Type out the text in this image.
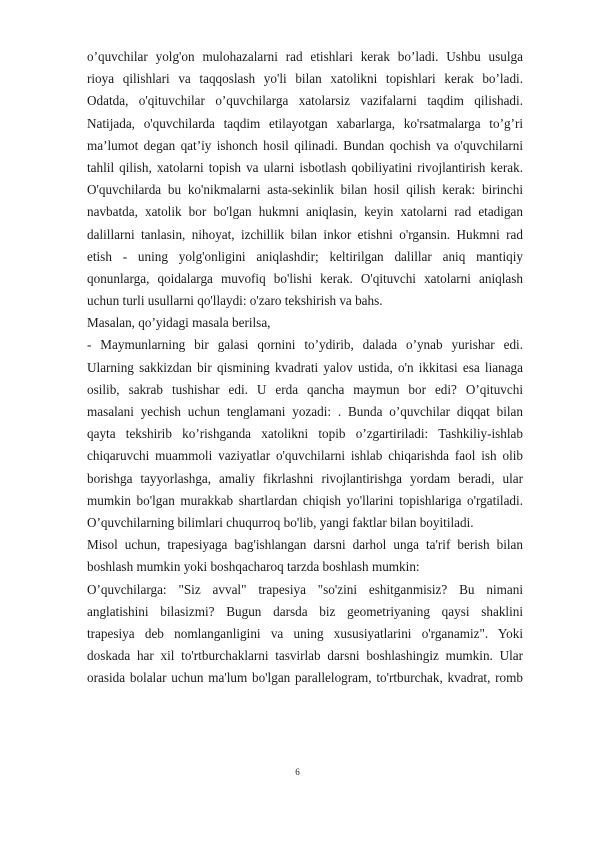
o’quvchilar yolg'on mulohazalarni rad etishlari kerak bo’ladi. Ushbu usulga
rioya qilishlari va taqqoslash yo'li bilan xatolikni topishlari kerak bo’ladi.
Odatda, o'qituvchilar o’quvchilarga xatolarsiz vazifalarni taqdim qilishadi.
Natijada, o'quvchilarda taqdim etilayotgan xabarlarga, ko'rsatmalarga to’g’ri
ma’lumot degan qat’iy ishonch hosil qilinadi. Bundan qochish va o'quvchilarni
tahlil qilish, xatolarni topish va ularni isbotlash qobiliyatini rivojlantirish kerak.
O'quvchilarda bu ko'nikmalarni asta-sekinlik bilan hosil qilish kerak: birinchi
navbatda, xatolik bor bo'lgan hukmni aniqlasin, keyin xatolarni rad etadigan
dalillarni tanlasin, nihoyat, izchillik bilan inkor etishni o'rgansin. Hukmni rad
etish - uning yolg'onligini aniqlashdir; keltirilgan dalillar aniq mantiqiy
qonunlarga, qoidalarga muvofiq bo'lishi kerak. O'qituvchi xatolarni aniqlash
uchun turli usullarni qo'llaydi: o'zaro tekshirish va bahs.
Masalan, qo’yidagi masala berilsa,
- Maymunlarning bir galasi qornini to’ydirib, dalada o’ynab yurishar edi.
Ularning sakkizdan bir qismining kvadrati yalov ustida, o'n ikkitasi esa lianaga
osilib, sakrab tushishar edi. U erda qancha maymun bor edi? O’qituvchi
masalani yechish uchun tenglamani yozadi: . Bunda o’quvchilar diqqat bilan
qayta tekshirib ko’rishganda xatolikni topib o’zgartiriladi: Tashkiliy-ishlab
chiqaruvchi muammoli vaziyatlar o'quvchilarni ishlab chiqarishda faol ish olib
borishga tayyorlashga, amaliy fikrlashni rivojlantirishga yordam beradi, ular
mumkin bo'lgan murakkab shartlardan chiqish yo'llarini topishlariga o'rgatiladi.
O’quvchilarning bilimlari chuqurroq bo'lib, yangi faktlar bilan boyitiladi.
Misol uchun, trapesiyaga bag'ishlangan darsni darhol unga ta'rif berish bilan
boshlash mumkin yoki boshqacharoq tarzda boshlash mumkin:
O’quvchilarga: "Siz avval" trapesiya "so'zini eshitganmisiz? Bu nimani
anglatishini bilasizmi? Bugun darsda biz geometriyaning qaysi shaklini
trapesiya deb nomlanganligini va uning xususiyatlarini o'rganamiz". Yoki
doskada har xil to'rtburchaklarni tasvirlab darsni boshlashingiz mumkin. Ular
orasida bolalar uchun ma'lum bo'lgan parallelogram, to'rtburchak, kvadrat, romb
6
